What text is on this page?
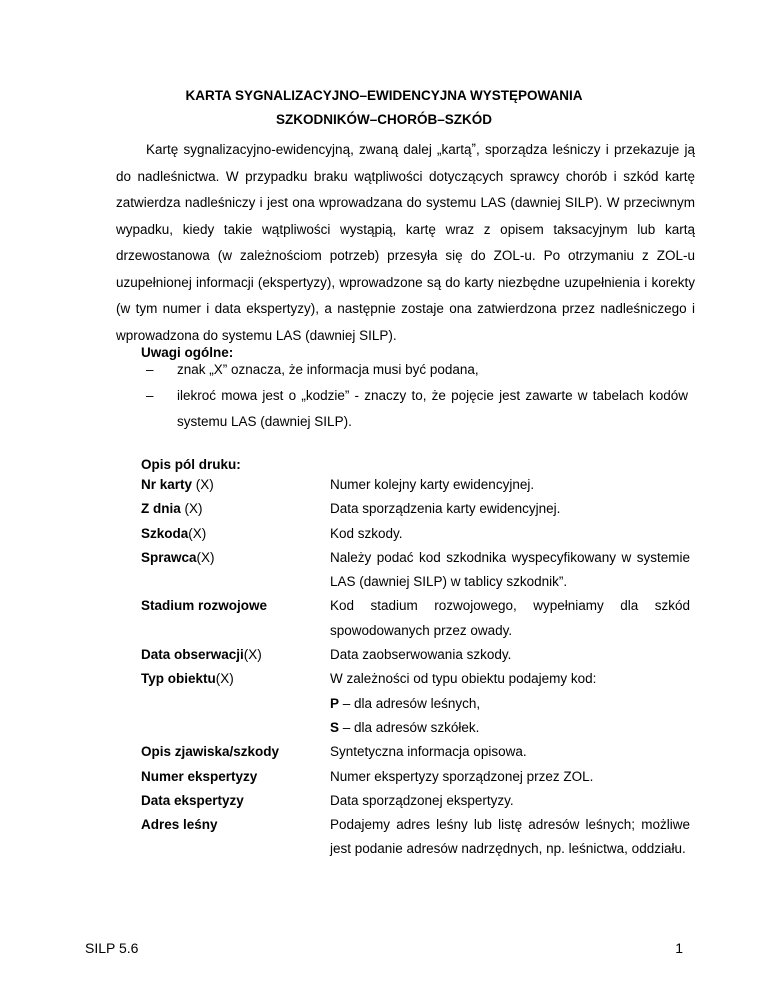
KARTA SYGNALIZACYJNO–EWIDENCYJNA WYSTĘPOWANIA
SZKODNIKÓW–CHORÓB–SZKÓD

Kartę sygnalizacyjno-ewidencyjną, zwaną dalej „kartąˮ, sporządza leśniczy i przekazuje ją do nadleśnictwa. W przypadku braku wątpliwości dotyczących sprawcy chorób i szkód kartę zatwierdza nadleśniczy i jest ona wprowadzana do systemu LAS (dawniej SILP). W przeciwnym wypadku, kiedy takie wątpliwości wystąpią, kartę wraz z opisem taksacyjnym lub kartą drzewostanowa (w zależnościom potrzeb) przesyła się do ZOL-u. Po otrzymaniu z ZOL-u uzupełnionej informacji (ekspertyzy), wprowadzone są do karty niezbędne uzupełnienia i korekty (w tym numer i data ekspertyzy), a następnie zostaje ona zatwierdzona przez nadleśniczego i wprowadzona do systemu LAS (dawniej SILP).

Uwagi ogólne:
– znak „X” oznacza, że informacja musi być podana,
– ilekroć mowa jest o „kodzie” - znaczy to, że pojęcie jest zawarte w tabelach kodów systemu LAS (dawniej SILP).
Opis pól druku:
Nr karty (X)	Numer kolejny karty ewidencyjnej.

Z dnia (X)	Data sporządzenia karty ewidencyjnej.

Szkoda(X)	Kod szkody.

Sprawca(X)	Należy podać kod szkodnika wyspecyfikowany w systemie LAS (dawniej SILP) w tablicy szkodnik”.

Stadium rozwojowe	Kod stadium rozwojowego, wypełniamy dla szkód spowodowanych przez owady.

Data obserwacji(X)	Data zaobserwowania szkody.

Typ obiektu(X)	W zależności od typu obiektu podajemy kod:

P – dla adresów leśnych,

S – dla adresów szkółek.

Opis zjawiska/szkody	Syntetyczna informacja opisowa.

Numer ekspertyzy	Numer ekspertyzy sporządzonej przez ZOL.

Data ekspertyzy	Data sporządzonej ekspertyzy.

Adres leśny	Podajemy adres leśny lub listę adresów leśnych; możliwe jest podanie adresów nadrzędnych, np. leśnictwa, oddziału.

SILP 5.6	1
